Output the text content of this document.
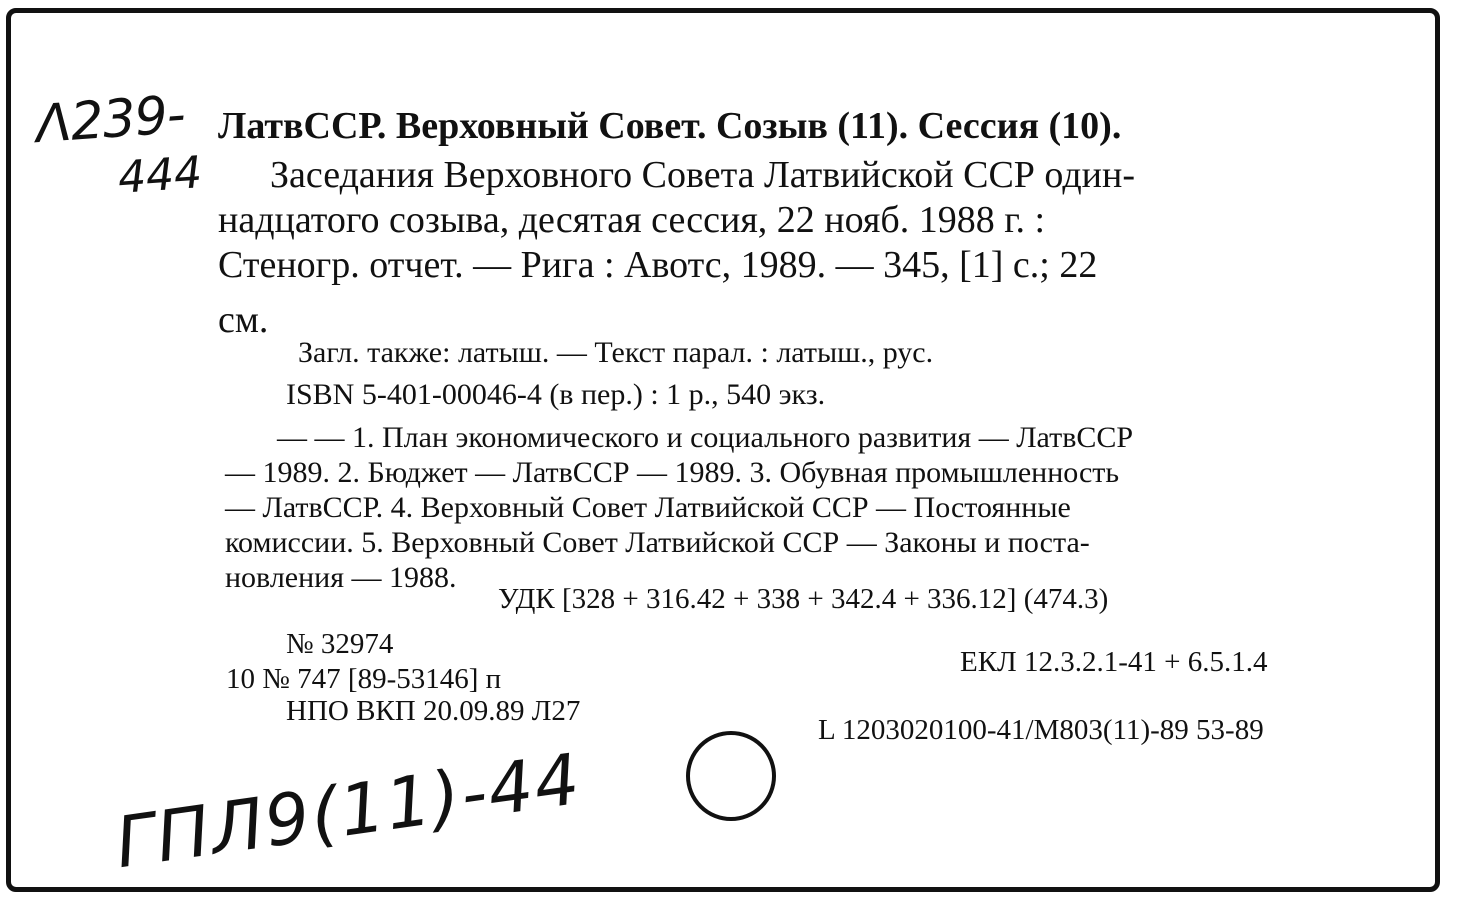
Λ239-
444
ЛатвССР. Верховный Совет. Созыв (11). Сессия (10).
Заседания Верховного Совета Латвийской ССР один-
надцатого созыва, десятая сессия, 22 нояб. 1988 г. :
Стеногр. отчет. — Рига : Авотс, 1989. — 345, [1] с.; 22
см.
Загл. также: латыш. — Текст парал. : латыш., рус.
ISBN 5-401-00046-4 (в пер.) : 1 р., 540 экз.
— — 1. План экономического и социального развития — ЛатвССР
— 1989. 2. Бюджет — ЛатвССР — 1989. 3. Обувная промышленность
— ЛатвССР. 4. Верховный Совет Латвийской ССР — Постоянные
комиссии. 5. Верховный Совет Латвийской ССР — Законы и поста-
новления — 1988.
УДК [328 + 316.42 + 338 + 342.4 + 336.12] (474.3)
№ 32974
10 № 747 [89-53146] п
НПО ВКП 20.09.89 Л27
ЕКЛ 12.3.2.1-41 + 6.5.1.4
L 1203020100-41/M803(11)-89 53-89
ГПЛ9(11)-44
